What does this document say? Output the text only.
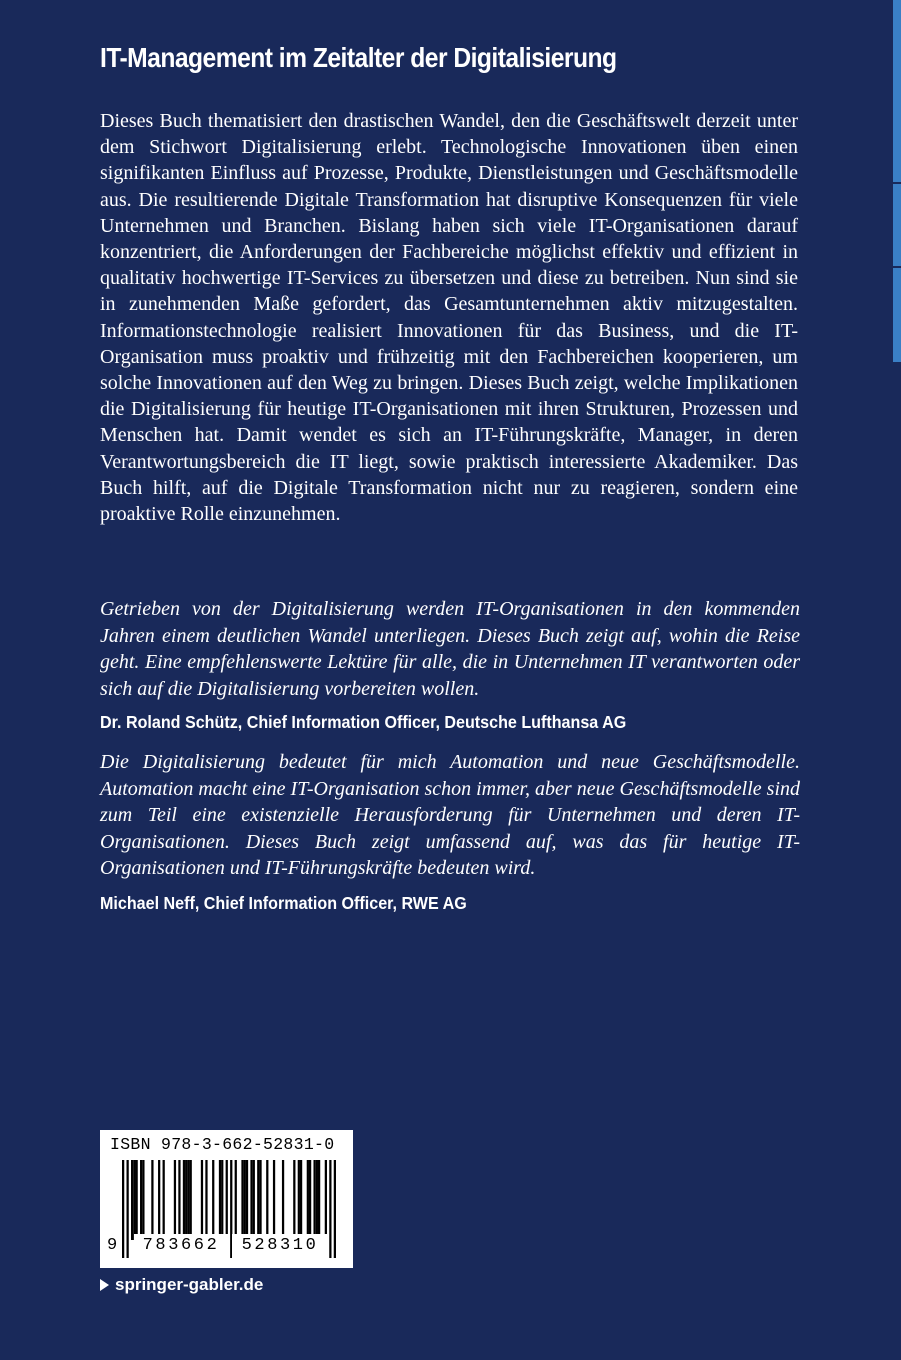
IT-Management im Zeitalter der Digitalisierung

Dieses Buch thematisiert den drastischen Wandel, den die Geschäftswelt derzeit unter dem Stichwort Digitalisierung erlebt. Technologische Innovationen üben einen signifikanten Einfluss auf Prozesse, Produkte, Dienstleistungen und Geschäftsmodelle aus. Die resultierende Digitale Transformation hat disruptive Konsequenzen für viele Unternehmen und Branchen. Bislang haben sich viele IT-Organisationen darauf konzentriert, die Anforderungen der Fachbereiche möglichst effektiv und effizient in qualitativ hochwertige IT-Services zu übersetzen und diese zu betreiben. Nun sind sie in zunehmenden Maße gefordert, das Gesamtunternehmen aktiv mitzugestalten. Informationstechnologie realisiert Innovationen für das Business, und die IT-Organisation muss proaktiv und frühzeitig mit den Fachbereichen kooperieren, um solche Innovationen auf den Weg zu bringen. Dieses Buch zeigt, welche Implikationen die Digitalisierung für heutige IT-Organisationen mit ihren Strukturen, Prozessen und Menschen hat. Damit wendet es sich an IT-Führungskräfte, Manager, in deren Verantwortungsbereich die IT liegt, sowie praktisch interessierte Akademiker. Das Buch hilft, auf die Digitale Transformation nicht nur zu reagieren, sondern eine proaktive Rolle einzunehmen.

Getrieben von der Digitalisierung werden IT-Organisationen in den kommenden Jahren einem deutlichen Wandel unterliegen. Dieses Buch zeigt auf, wohin die Reise geht. Eine empfehlenswerte Lektüre für alle, die in Unternehmen IT verantworten oder sich auf die Digitalisierung vorbereiten wollen.

Dr. Roland Schütz, Chief Information Officer, Deutsche Lufthansa AG

Die Digitalisierung bedeutet für mich Automation und neue Geschäftsmodelle. Automation macht eine IT-Organisation schon immer, aber neue Geschäftsmodelle sind zum Teil eine existenzielle Herausforderung für Unternehmen und deren IT-Organisationen. Dieses Buch zeigt umfassend auf, was das für heutige IT-Organisationen und IT-Führungskräfte bedeuten wird.

Michael Neff, Chief Information Officer, RWE AG
ISBN 978-3-662-52831-0
9	783662	528310
springer-gabler.de
